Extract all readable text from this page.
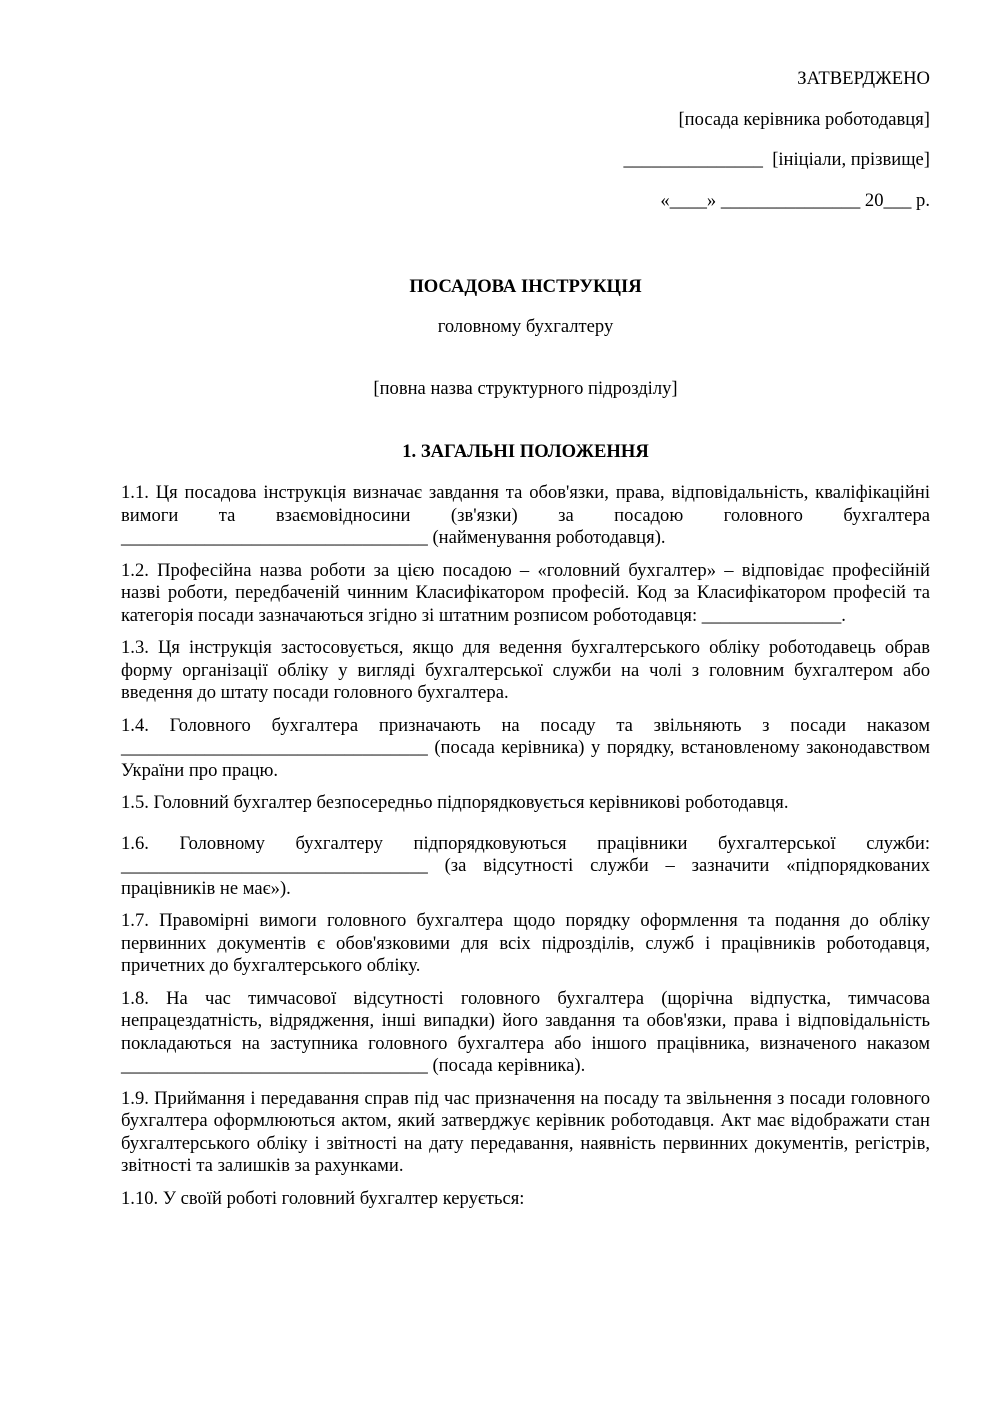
ЗАТВЕРДЖЕНО
[посада керівника роботодавця]
_______________  [ініціали, прізвище]
«____» _______________ 20___ р.
ПОСАДОВА ІНСТРУКЦІЯ
головному бухгалтеру
[повна назва структурного підрозділу]
1. ЗАГАЛЬНІ ПОЛОЖЕННЯ

1.1. Ця посадова інструкція визначає завдання та обов'язки, права, відповідальність, кваліфікаційні вимоги та взаємовідносини (зв'язки) за посадою головного бухгалтера _________________________________ (найменування роботодавця).

1.2. Професійна назва роботи за цією посадою – «головний бухгалтер» – відповідає професійній назві роботи, передбаченій чинним Класифікатором професій. Код за Класифікатором професій та категорія посади зазначаються згідно зі штатним розписом роботодавця: _______________.

1.3. Ця інструкція застосовується, якщо для ведення бухгалтерського обліку роботодавець обрав форму організації обліку у вигляді бухгалтерської служби на чолі з головним бухгалтером або введення до штату посади головного бухгалтера.

1.4. Головного бухгалтера призначають на посаду та звільняють з посади наказом _________________________________ (посада керівника) у порядку, встановленому законодавством України про працю.

1.5. Головний бухгалтер безпосередньо підпорядковується керівникові роботодавця.

1.6. Головному бухгалтеру підпорядковуються працівники бухгалтерської служби: _________________________________ (за відсутності служби – зазначити «підпорядкованих працівників не має»).

1.7. Правомірні вимоги головного бухгалтера щодо порядку оформлення та подання до обліку первинних документів є обов'язковими для всіх підрозділів, служб і працівників роботодавця, причетних до бухгалтерського обліку.

1.8. На час тимчасової відсутності головного бухгалтера (щорічна відпустка, тимчасова непрацездатність, відрядження, інші випадки) його завдання та обов'язки, права і відповідальність покладаються на заступника головного бухгалтера або іншого працівника, визначеного наказом _________________________________ (посада керівника).

1.9. Приймання і передавання справ під час призначення на посаду та звільнення з посади головного бухгалтера оформлюються актом, який затверджує керівник роботодавця. Акт має відображати стан бухгалтерського обліку і звітності на дату передавання, наявність первинних документів, регістрів, звітності та залишків за рахунками.

1.10. У своїй роботі головний бухгалтер керується:
